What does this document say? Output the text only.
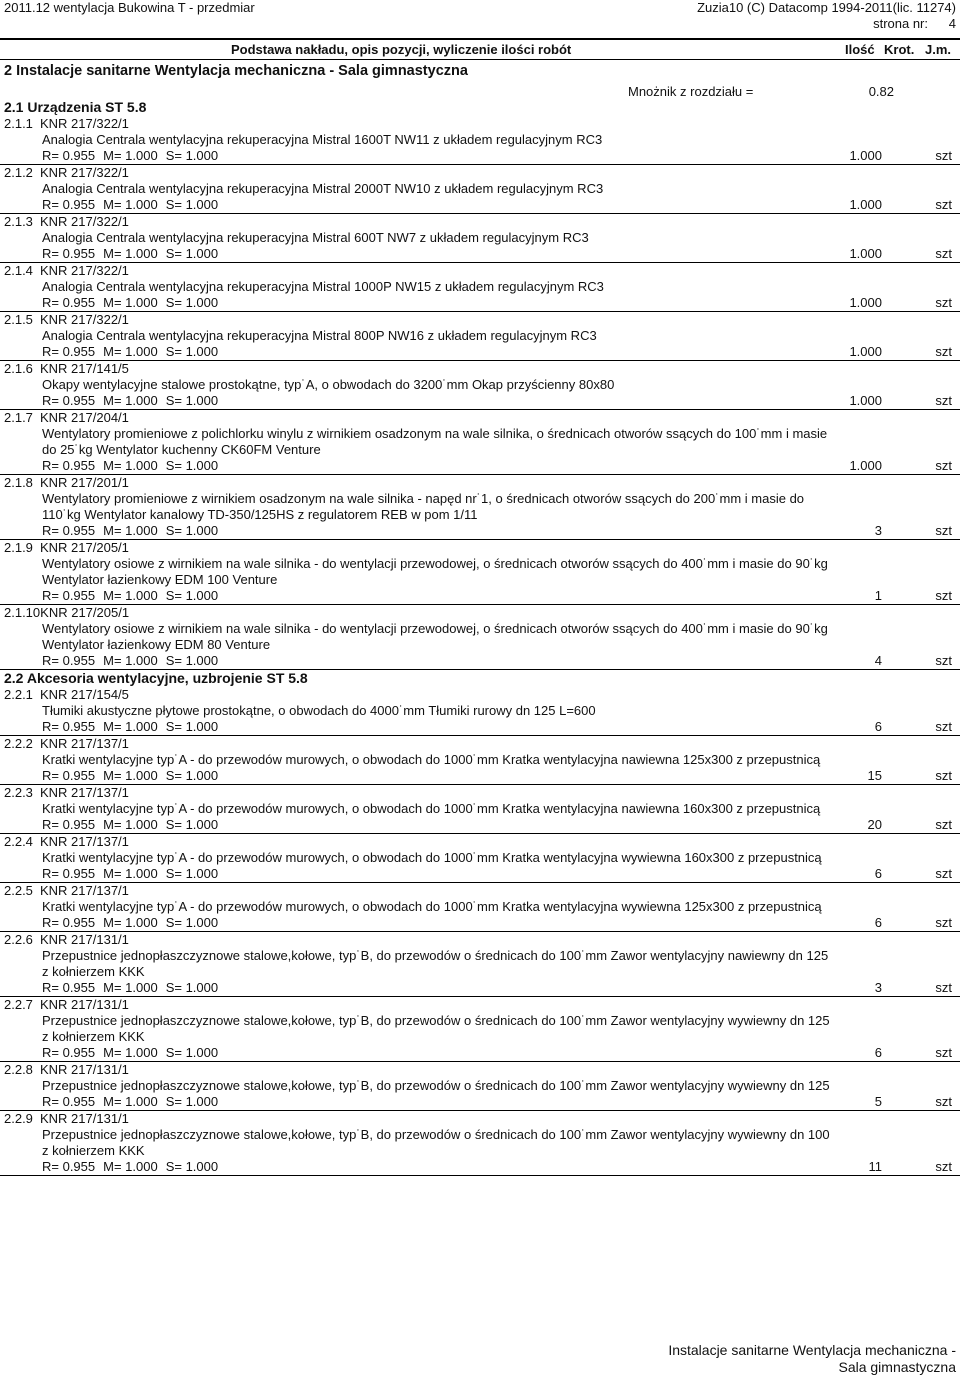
2011.12 wentylacja Bukowina T - przedmiar	Zuzia10 (C) Datacomp 1994-2011(lic. 11274)
strona nr: 4
Podstawa nakładu, opis pozycji, wyliczenie ilości robót	Ilość Krot. J.m.
2 Instalacje sanitarne Wentylacja mechaniczna - Sala gimnastyczna
Mnożnik z rozdziału =	0.82
2.1 Urządzenia ST 5.8
2.1.1 KNR 217/322/1
Analogia Centrala wentylacyjna rekuperacyjna Mistral 1600T NW11 z układem regulacyjnym RC3
R= 0.955 M= 1.000 S= 1.000	1.000	szt
2.1.2 KNR 217/322/1
Analogia Centrala wentylacyjna rekuperacyjna Mistral 2000T NW10 z układem regulacyjnym RC3
R= 0.955 M= 1.000 S= 1.000	1.000	szt
2.1.3 KNR 217/322/1
Analogia Centrala wentylacyjna rekuperacyjna Mistral 600T NW7 z układem regulacyjnym RC3
R= 0.955 M= 1.000 S= 1.000	1.000	szt
2.1.4 KNR 217/322/1
Analogia Centrala wentylacyjna rekuperacyjna Mistral 1000P NW15 z układem regulacyjnym RC3
R= 0.955 M= 1.000 S= 1.000	1.000	szt
2.1.5 KNR 217/322/1
Analogia Centrala wentylacyjna rekuperacyjna Mistral 800P NW16 z układem regulacyjnym RC3
R= 0.955 M= 1.000 S= 1.000	1.000	szt
2.1.6 KNR 217/141/5
Okapy wentylacyjne stalowe prostokątne, typ˙A, o obwodach do 3200˙mm Okap przyścienny 80x80
R= 0.955 M= 1.000 S= 1.000	1.000	szt
2.1.7 KNR 217/204/1
Wentylatory promieniowe z polichlorku winylu z wirnikiem osadzonym na wale silnika, o średnicach otworów ssących do 100˙mm i masie do 25˙kg Wentylator kuchenny CK60FM Venture
R= 0.955 M= 1.000 S= 1.000	1.000	szt
2.1.8 KNR 217/201/1
Wentylatory promieniowe z wirnikiem osadzonym na wale silnika - napęd nr˙1, o średnicach otworów ssących do 200˙mm i masie do 110˙kg Wentylator kanalowy TD-350/125HS z regulatorem REB w pom 1/11
R= 0.955 M= 1.000 S= 1.000	3	szt
2.1.9 KNR 217/205/1
Wentylatory osiowe z wirnikiem na wale silnika - do wentylacji przewodowej, o średnicach otworów ssących do 400˙mm i masie do 90˙kg Wentylator łazienkowy EDM 100 Venture
R= 0.955 M= 1.000 S= 1.000	1	szt
2.1.10KNR 217/205/1
Wentylatory osiowe z wirnikiem na wale silnika - do wentylacji przewodowej, o średnicach otworów ssących do 400˙mm i masie do 90˙kg Wentylator łazienkowy EDM 80 Venture
R= 0.955 M= 1.000 S= 1.000	4	szt
2.2 Akcesoria wentylacyjne, uzbrojenie ST 5.8
2.2.1 KNR 217/154/5
Tłumiki akustyczne płytowe prostokątne, o obwodach do 4000˙mm Tłumiki rurowy dn 125 L=600
R= 0.955 M= 1.000 S= 1.000	6	szt
2.2.2 KNR 217/137/1
Kratki wentylacyjne typ˙A - do przewodów murowych, o obwodach do 1000˙mm Kratka wentylacyjna nawiewna 125x300 z przepustnicą
R= 0.955 M= 1.000 S= 1.000	15	szt
2.2.3 KNR 217/137/1
Kratki wentylacyjne typ˙A - do przewodów murowych, o obwodach do 1000˙mm Kratka wentylacyjna nawiewna 160x300 z przepustnicą
R= 0.955 M= 1.000 S= 1.000	20	szt
2.2.4 KNR 217/137/1
Kratki wentylacyjne typ˙A - do przewodów murowych, o obwodach do 1000˙mm Kratka wentylacyjna wywiewna 160x300 z przepustnicą
R= 0.955 M= 1.000 S= 1.000	6	szt
2.2.5 KNR 217/137/1
Kratki wentylacyjne typ˙A - do przewodów murowych, o obwodach do 1000˙mm Kratka wentylacyjna wywiewna 125x300 z przepustnicą
R= 0.955 M= 1.000 S= 1.000	6	szt
2.2.6 KNR 217/131/1
Przepustnice jednopłaszczyznowe stalowe,kołowe, typ˙B, do przewodów o średnicach do 100˙mm Zawor wentylacyjny nawiewny dn 125 z kołnierzem KKK
R= 0.955 M= 1.000 S= 1.000	3	szt
2.2.7 KNR 217/131/1
Przepustnice jednopłaszczyznowe stalowe,kołowe, typ˙B, do przewodów o średnicach do 100˙mm Zawor wentylacyjny wywiewny dn 125 z kołnierzem KKK
R= 0.955 M= 1.000 S= 1.000	6	szt
2.2.8 KNR 217/131/1
Przepustnice jednopłaszczyznowe stalowe,kołowe, typ˙B, do przewodów o średnicach do 100˙mm Zawor wentylacyjny wywiewny dn 125
R= 0.955 M= 1.000 S= 1.000	5	szt
2.2.9 KNR 217/131/1
Przepustnice jednopłaszczyznowe stalowe,kołowe, typ˙B, do przewodów o średnicach do 100˙mm Zawor wentylacyjny wywiewny dn 100 z kołnierzem KKK
R= 0.955 M= 1.000 S= 1.000	11	szt
Instalacje sanitarne Wentylacja mechaniczna -
Sala gimnastyczna
